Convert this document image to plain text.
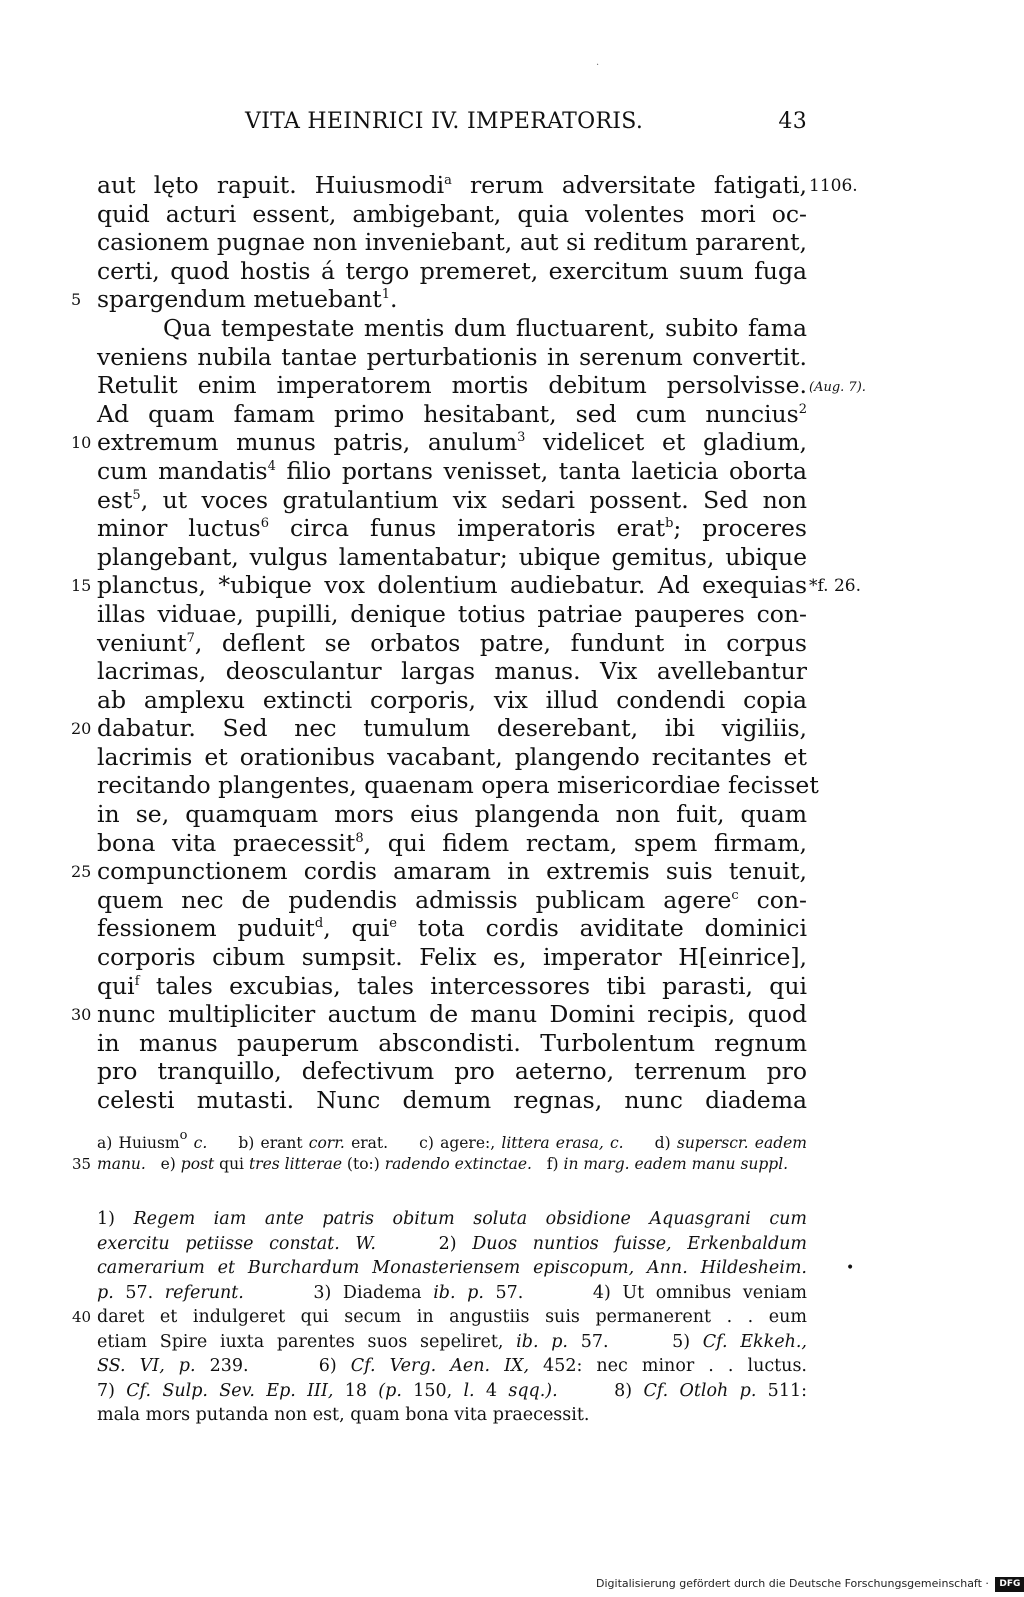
·
VITA HEINRICI IV. IMPERATORIS.	43
aut lęto rapuit. Huiusmodi$^a$ rerum adversitate fatigati, 1106.
quid acturi essent, ambigebant, quia volentes mori oc-
casionem pugnae non inveniebant, aut si reditum pararent,
certi, quod hostis á tergo premeret, exercitum suum fuga
spargendum metuebant$^1$.
5
Qua tempestate mentis dum fluctuarent, subito fama
veniens nubila tantae perturbationis in serenum convertit.
Retulit enim imperatorem mortis debitum persolvisse. (Aug. 7).
Ad quam famam primo hesitabant, sed cum nuncius$^2$
extremum munus patris, anulum$^3$ videlicet et gladium,
10
cum mandatis$^4$ filio portans venisset, tanta laeticia oborta
est$^5$, ut voces gratulantium vix sedari possent. Sed non
minor luctus$^6$ circa funus imperatoris erat$^b$; proceres
plangebant, vulgus lamentabatur; ubique gemitus, ubique
planctus, *ubique vox dolentium audiebatur. Ad exequias
15	*f. 26.
illas viduae, pupilli, denique totius patriae pauperes con-
veniunt$^7$, deflent se orbatos patre, fundunt in corpus
lacrimas, deosculantur largas manus. Vix avellebantur
ab amplexu extincti corporis, vix illud condendi copia
dabatur. Sed nec tumulum deserebant, ibi vigiliis,
20
lacrimis et orationibus vacabant, plangendo recitantes et
recitando plangentes, quaenam opera misericordiae fecisset
in se, quamquam mors eius plangenda non fuit, quam
bona vita praecessit$^8$, qui fidem rectam, spem firmam,
compunctionem cordis amaram in extremis suis tenuit,
25
quem nec de pudendis admissis publicam agere$^c$ con-
fessionem puduit$^d$, qui$^e$ tota cordis aviditate dominici
corporis cibum sumpsit. Felix es, imperator H[einrice],
qui$^f$ tales excubias, tales intercessores tibi parasti, qui
nunc multipliciter auctum de manu Domini recipis, quod
30
in manus pauperum abscondisti. Turbolentum regnum
pro tranquillo, defectivum pro aeterno, terrenum pro
celesti mutasti. Nunc demum regnas, nunc diadema
a) Huiusm$^o$ c.     b) erant corr. erat.     c) agere:, littera erasa, c.     d) superscr. eadem
manu.   e) post qui tres litterae (to:) radendo extinctae.   f) in marg. eadem manu suppl.
35
1) Regem iam ante patris obitum soluta obsidione Aquasgrani cum
exercitu petiisse constat. W.    2) Duos nuntios fuisse, Erkenbaldum
camerarium et Burchardum Monasteriensem episcopum, Ann. Hildesheim.
p. 57. referunt.      3) Diadema ib. p. 57.      4) Ut omnibus veniam
daret et indulgeret qui secum in angustiis suis permanerent . . eum
40
etiam Spire iuxta parentes suos sepeliret, ib. p. 57.     5) Cf. Ekkeh.,
SS. VI, p. 239.     6) Cf. Verg. Aen. IX, 452: nec minor . . luctus.
7) Cf. Sulp. Sev. Ep. III, 18 (p. 150, l. 4 sqq.).     8) Cf. Otloh p. 511:
mala mors putanda non est, quam bona vita praecessit.
•
Digitalisierung gefördert durch die Deutsche Forschungsgemeinschaft · DFG
